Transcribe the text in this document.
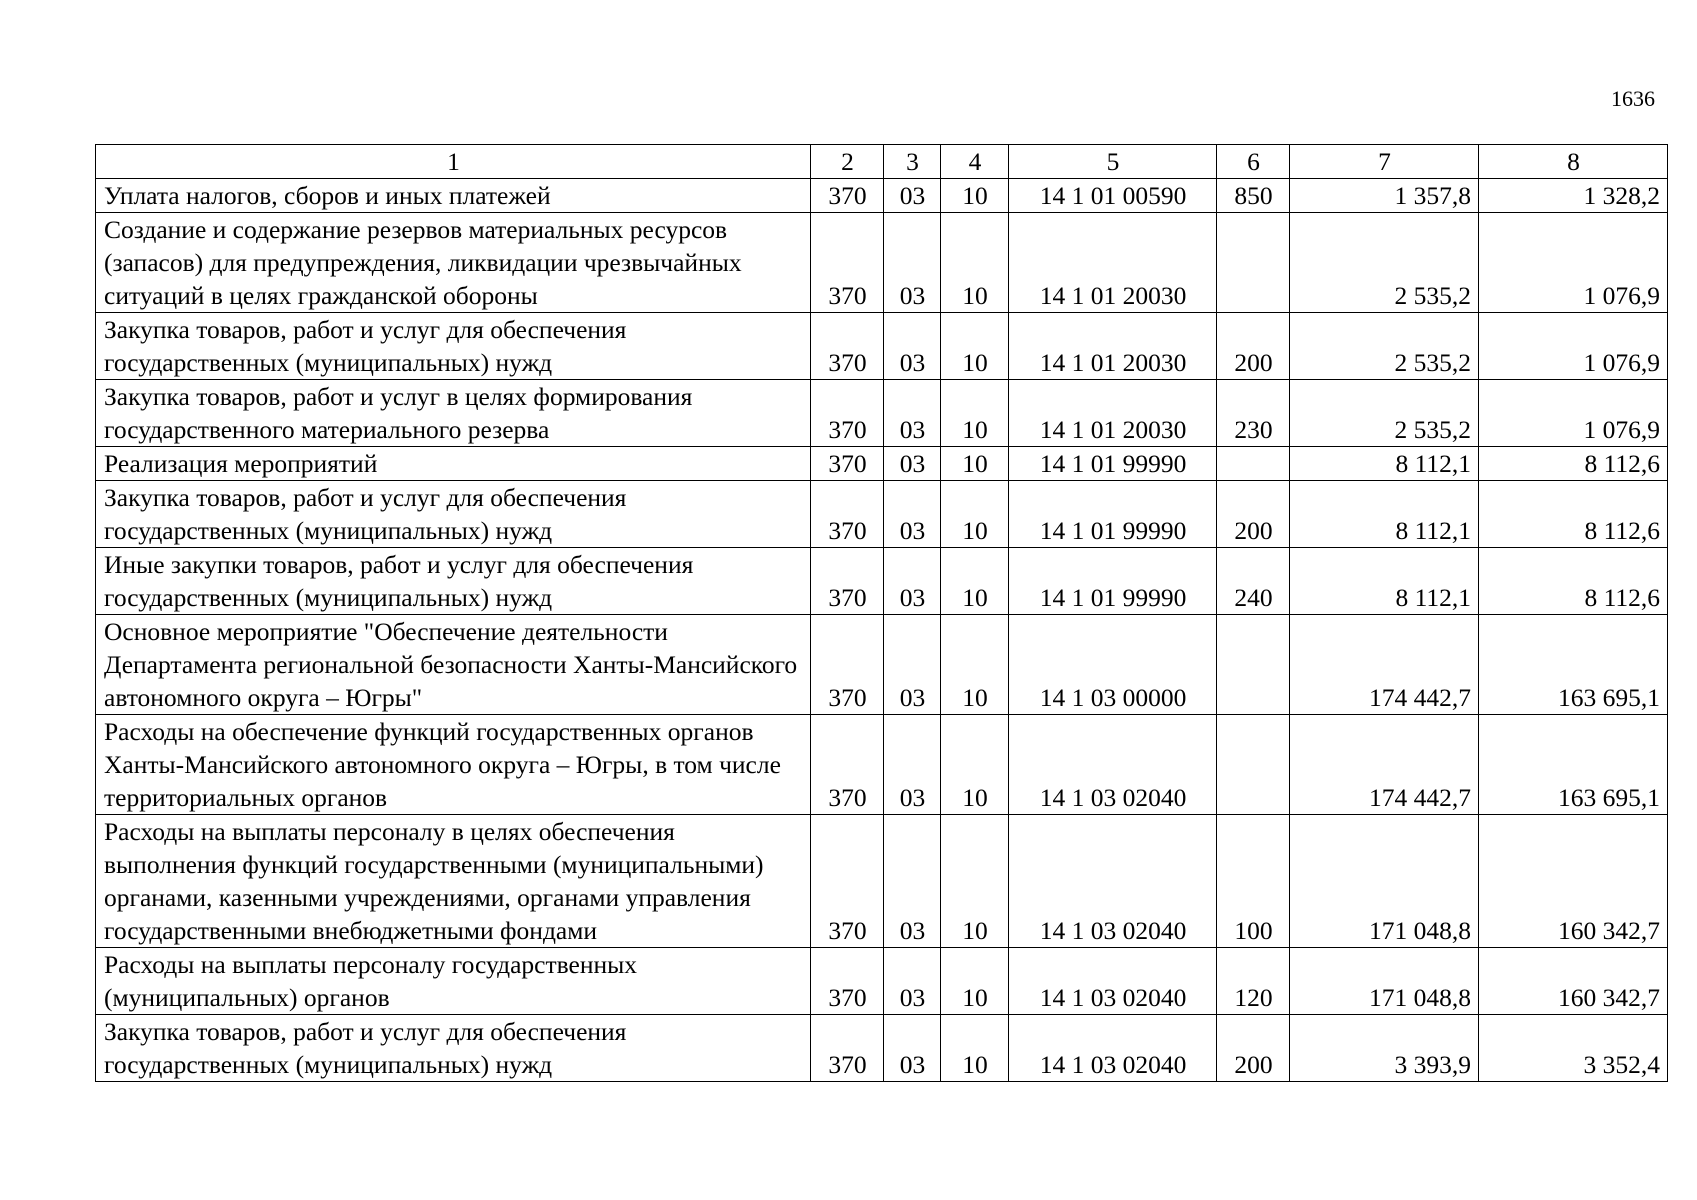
1636
1	2	3	4	5	6	7	8
Уплата налогов, сборов и иных платежей	370	03	10	14 1 01 00590	850	1 357,8	1 328,2
Создание и содержание резервов материальных ресурсов (запасов) для предупреждения, ликвидации чрезвычайных ситуаций в целях гражданской обороны	370	03	10	14 1 01 20030		2 535,2	1 076,9
Закупка товаров, работ и услуг для обеспечения государственных (муниципальных) нужд	370	03	10	14 1 01 20030	200	2 535,2	1 076,9
Закупка товаров, работ и услуг в целях формирования государственного материального резерва	370	03	10	14 1 01 20030	230	2 535,2	1 076,9
Реализация мероприятий	370	03	10	14 1 01 99990		8 112,1	8 112,6
Закупка товаров, работ и услуг для обеспечения государственных (муниципальных) нужд	370	03	10	14 1 01 99990	200	8 112,1	8 112,6
Иные закупки товаров, работ и услуг для обеспечения государственных (муниципальных) нужд	370	03	10	14 1 01 99990	240	8 112,1	8 112,6
Основное мероприятие "Обеспечение деятельности Департамента региональной безопасности Ханты-Мансийского автономного округа – Югры"	370	03	10	14 1 03 00000		174 442,7	163 695,1
Расходы на обеспечение функций государственных органов Ханты-Мансийского автономного округа – Югры, в том числе территориальных органов	370	03	10	14 1 03 02040		174 442,7	163 695,1
Расходы на выплаты персоналу в целях обеспечения выполнения функций государственными (муниципальными) органами, казенными учреждениями, органами управления государственными внебюджетными фондами	370	03	10	14 1 03 02040	100	171 048,8	160 342,7
Расходы на выплаты персоналу государственных (муниципальных) органов	370	03	10	14 1 03 02040	120	171 048,8	160 342,7
Закупка товаров, работ и услуг для обеспечения государственных (муниципальных) нужд	370	03	10	14 1 03 02040	200	3 393,9	3 352,4
